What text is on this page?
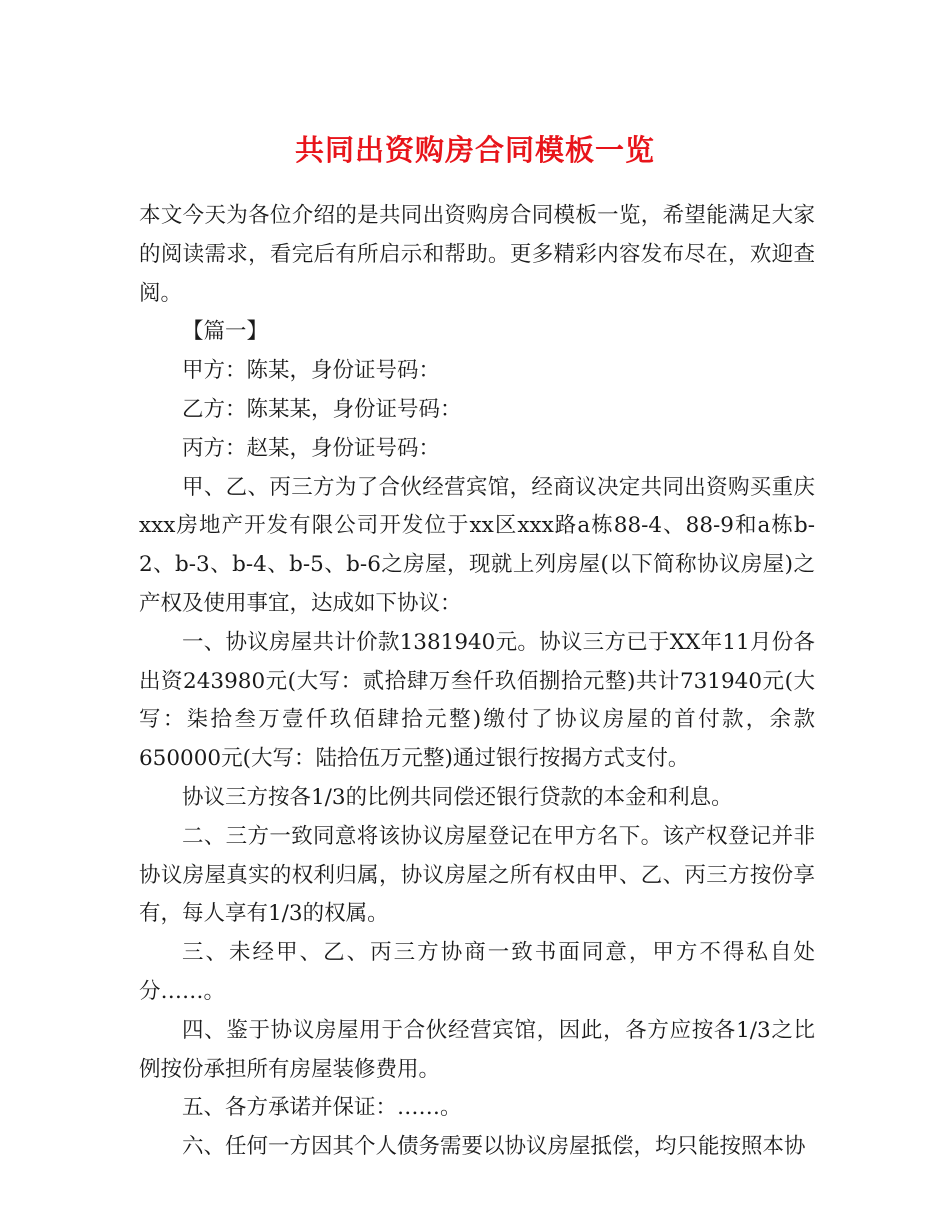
共同出资购房合同模板一览

本文今天为各位介绍的是共同出资购房合同模板一览，希望能满足大家的阅读需求，看完后有所启示和帮助。更多精彩内容发布尽在，欢迎查阅。

【篇一】

甲方：陈某，身份证号码：

乙方：陈某某，身份证号码：

丙方：赵某，身份证号码：

甲、乙、丙三方为了合伙经营宾馆，经商议决定共同出资购买重庆xxx房地产开发有限公司开发位于xx区xxx路a栋88-4、88-9和a栋b-2、b-3、b-4、b-5、b-6之房屋，现就上列房屋(以下简称协议房屋)之产权及使用事宜，达成如下协议：

一、协议房屋共计价款1381940元。协议三方已于XX年11月份各出资243980元(大写：贰拾肆万叁仟玖佰捌拾元整)共计731940元(大写：柒拾叁万壹仟玖佰肆拾元整)缴付了协议房屋的首付款，余款650000元(大写：陆拾伍万元整)通过银行按揭方式支付。

协议三方按各1/3的比例共同偿还银行贷款的本金和利息。

二、三方一致同意将该协议房屋登记在甲方名下。该产权登记并非协议房屋真实的权利归属，协议房屋之所有权由甲、乙、丙三方按份享有，每人享有1/3的权属。

三、未经甲、乙、丙三方协商一致书面同意，甲方不得私自处分……。

四、鉴于协议房屋用于合伙经营宾馆，因此，各方应按各1/3之比例按份承担所有房屋装修费用。

五、各方承诺并保证：……。

六、任何一方因其个人债务需要以协议房屋抵偿，均只能按照本协
